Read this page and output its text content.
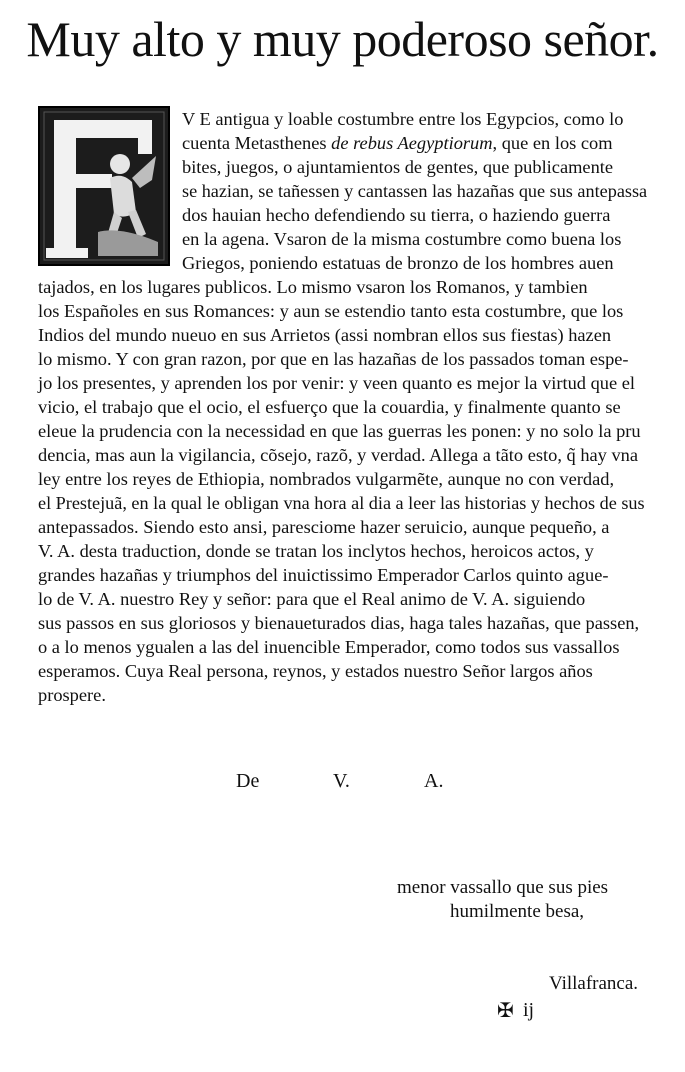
Muy alto y muy poderoso señor.
V E antigua y loable costumbre entre los Egypcios, como lo
cuenta Metasthenes de rebus Aegyptiorum, que en los com
bites, juegos, o ajuntamientos de gentes, que publicamente
se hazian, se tañessen y cantassen las hazañas que sus antepassa
dos hauian hecho defendiendo su tierra, o haziendo guerra
en la agena. Vsaron de la misma costumbre como buena los
Griegos, poniendo estatuas de bronzo de los hombres auen
tajados, en los lugares publicos. Lo mismo vsaron los Romanos, y tambien
los Españoles en sus Romances: y aun se estendio tanto esta costumbre, que los
Indios del mundo nueuo en sus Arrietos (assi nombran ellos sus fiestas) hazen
lo mismo. Y con gran razon, por que en las hazañas de los passados toman espe-
jo los presentes, y aprenden los por venir: y veen quanto es mejor la virtud que el
vicio, el trabajo que el ocio, el esfuerço que la couardia, y finalmente quanto se
eleue la prudencia con la necessidad en que las guerras les ponen: y no solo la pru
dencia, mas aun la vigilancia, cõsejo, razõ, y verdad. Allega a tãto esto, q̃ hay vna
ley entre los reyes de Ethiopia, nombrados vulgarmẽte, aunque no con verdad,
el Prestejuã, en la qual le obligan vna hora al dia a leer las historias y hechos de sus
antepassados. Siendo esto ansi, paresciome hazer seruicio, aunque pequeño, a
V. A. desta traduction, donde se tratan los inclytos hechos, heroicos actos, y
grandes hazañas y triumphos del inuictissimo Emperador Carlos quinto ague-
lo de V. A. nuestro Rey y señor: para que el Real animo de V. A. siguiendo
sus passos en sus gloriosos y bienaueturados dias, haga tales hazañas, que passen,
o a lo menos ygualen a las del inuencible Emperador, como todos sus vassallos
esperamos. Cuya Real persona, reynos, y estados nuestro Señor largos años
prospere.
De	V.	A.
menor vassallo que sus pies
humilmente besa,
Villafranca.
✠ ij
